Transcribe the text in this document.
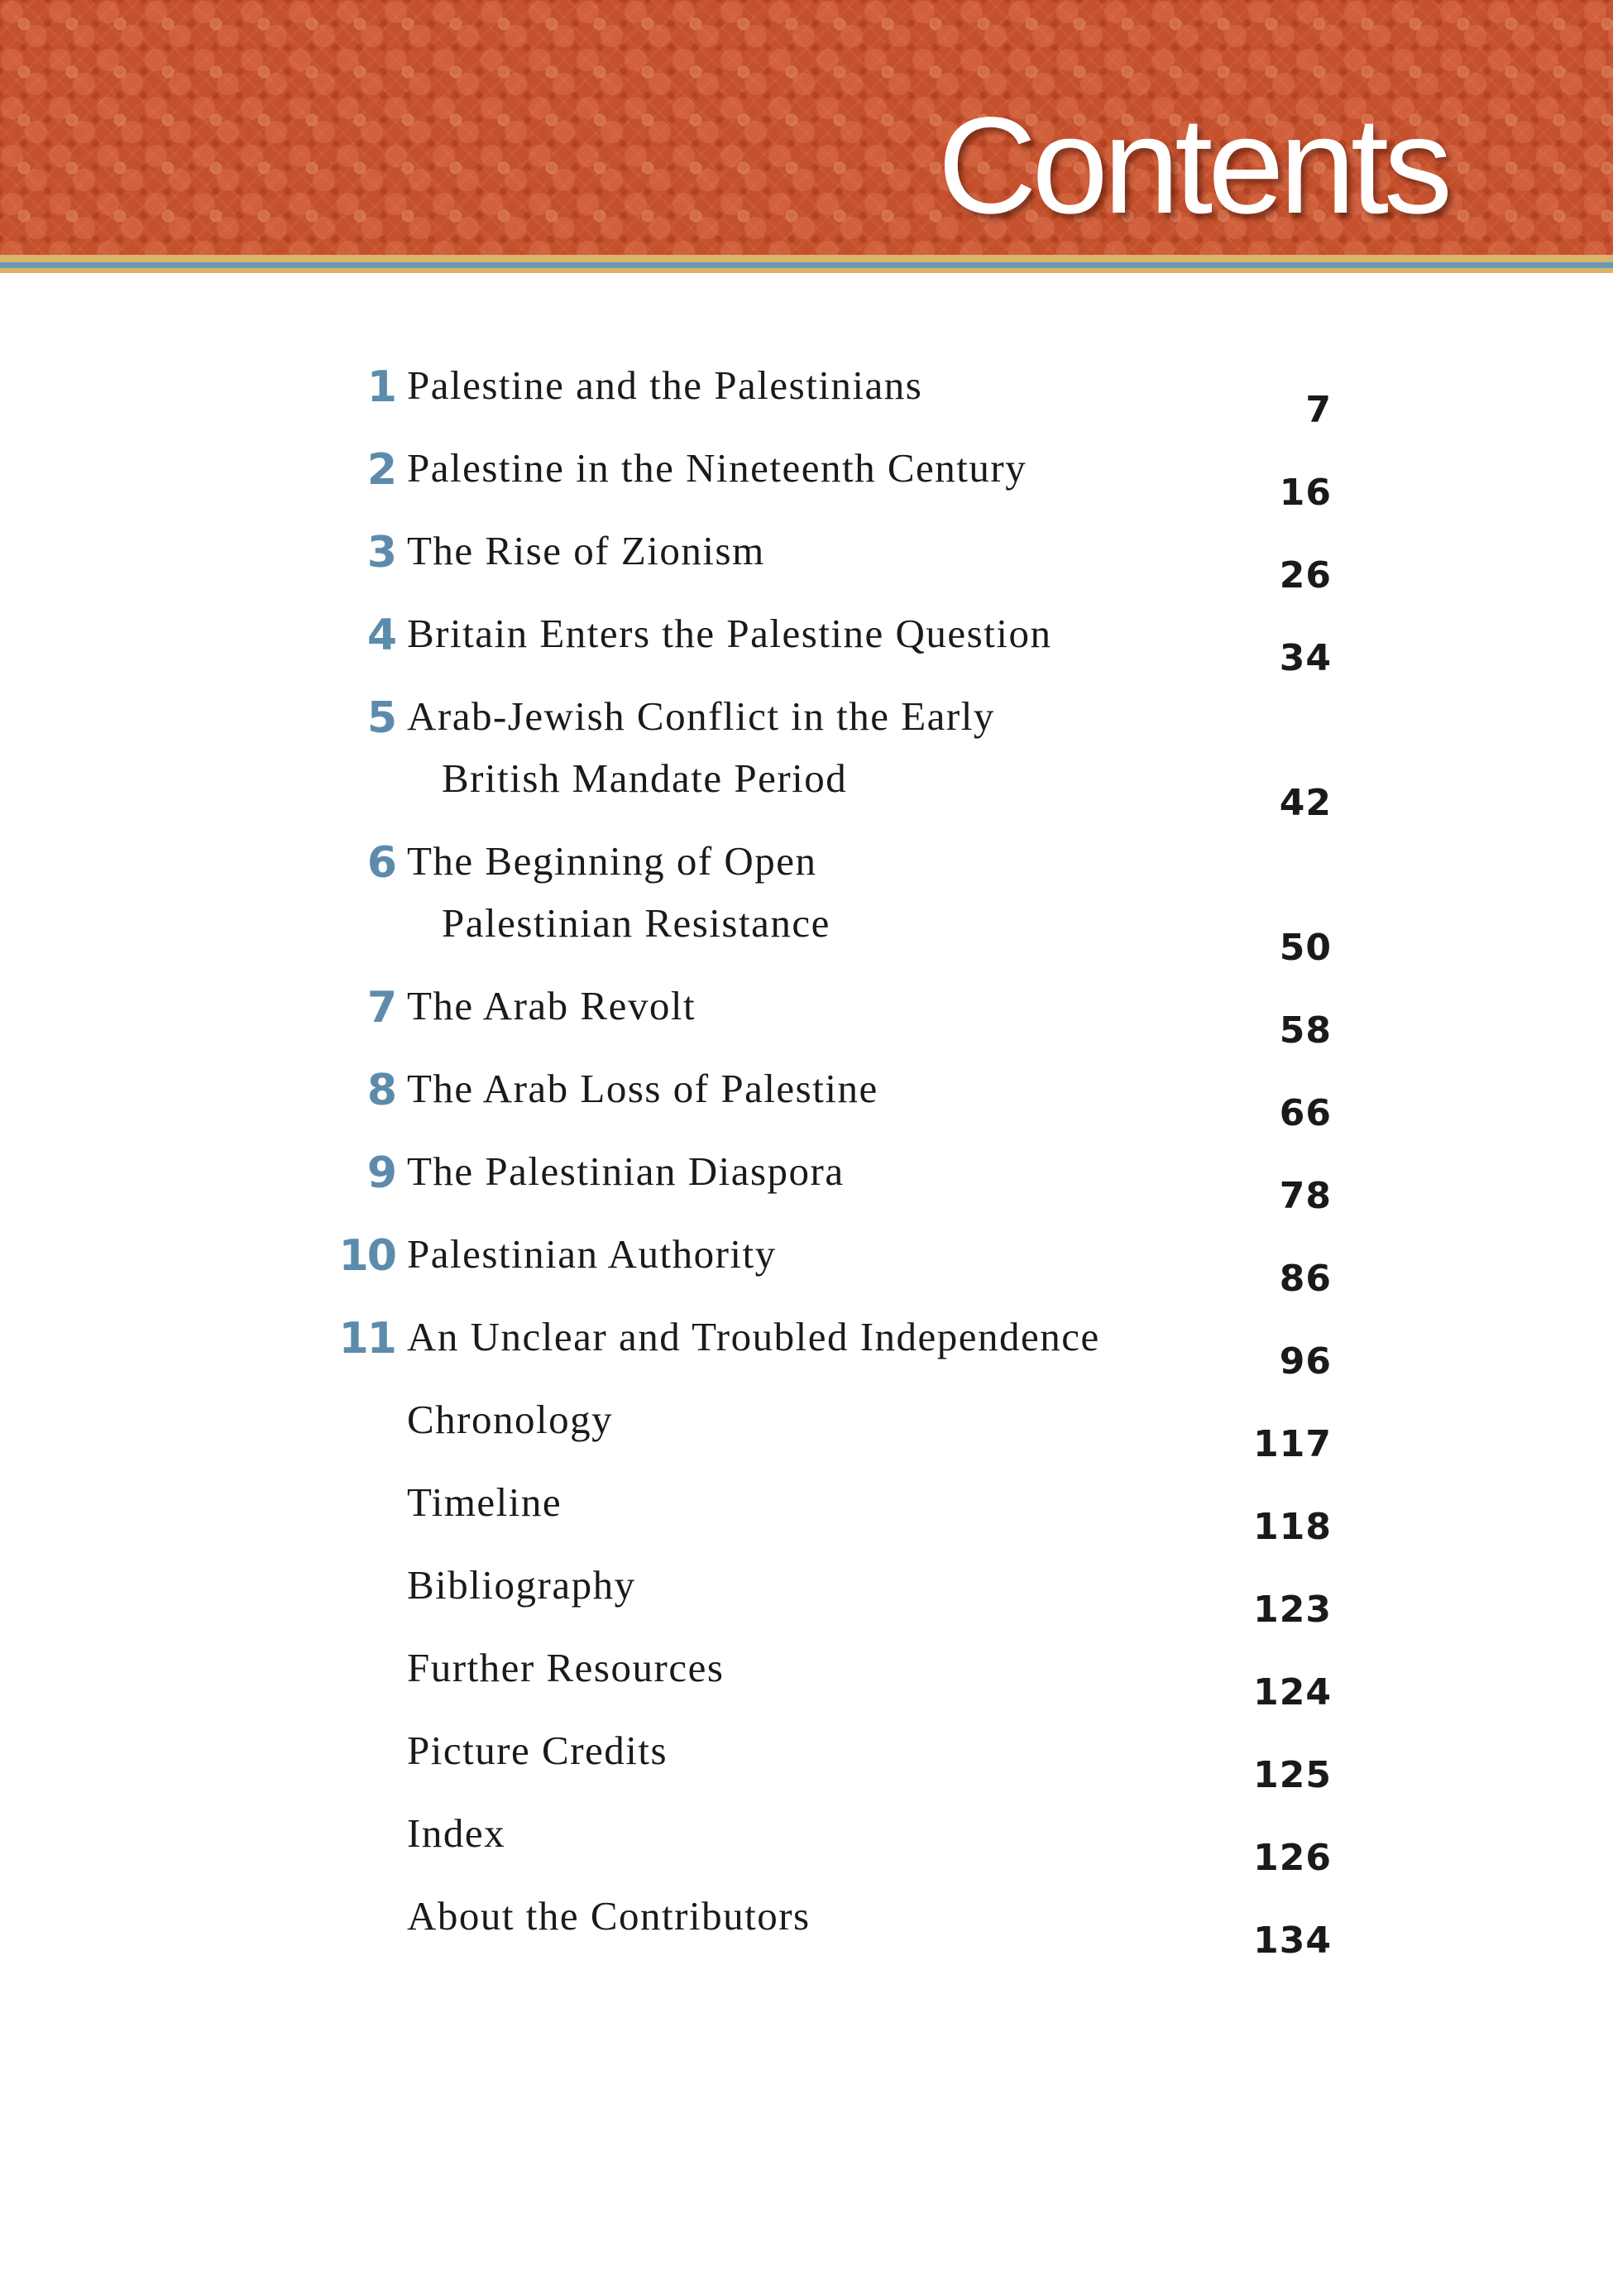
Contents
1 Palestine and the Palestinians
7
2 Palestine in the Nineteenth Century
16
3 The Rise of Zionism
26
4 Britain Enters the Palestine Question
34
5 Arab-Jewish Conflict in the Early
British Mandate Period
42
6 The Beginning of Open
Palestinian Resistance
50
7 The Arab Revolt
58
8 The Arab Loss of Palestine
66
9 The Palestinian Diaspora
78
10 Palestinian Authority
86
11 An Unclear and Troubled Independence
96
Chronology
117
Timeline
118
Bibliography
123
Further Resources
124
Picture Credits
125
Index
126
About the Contributors
134
